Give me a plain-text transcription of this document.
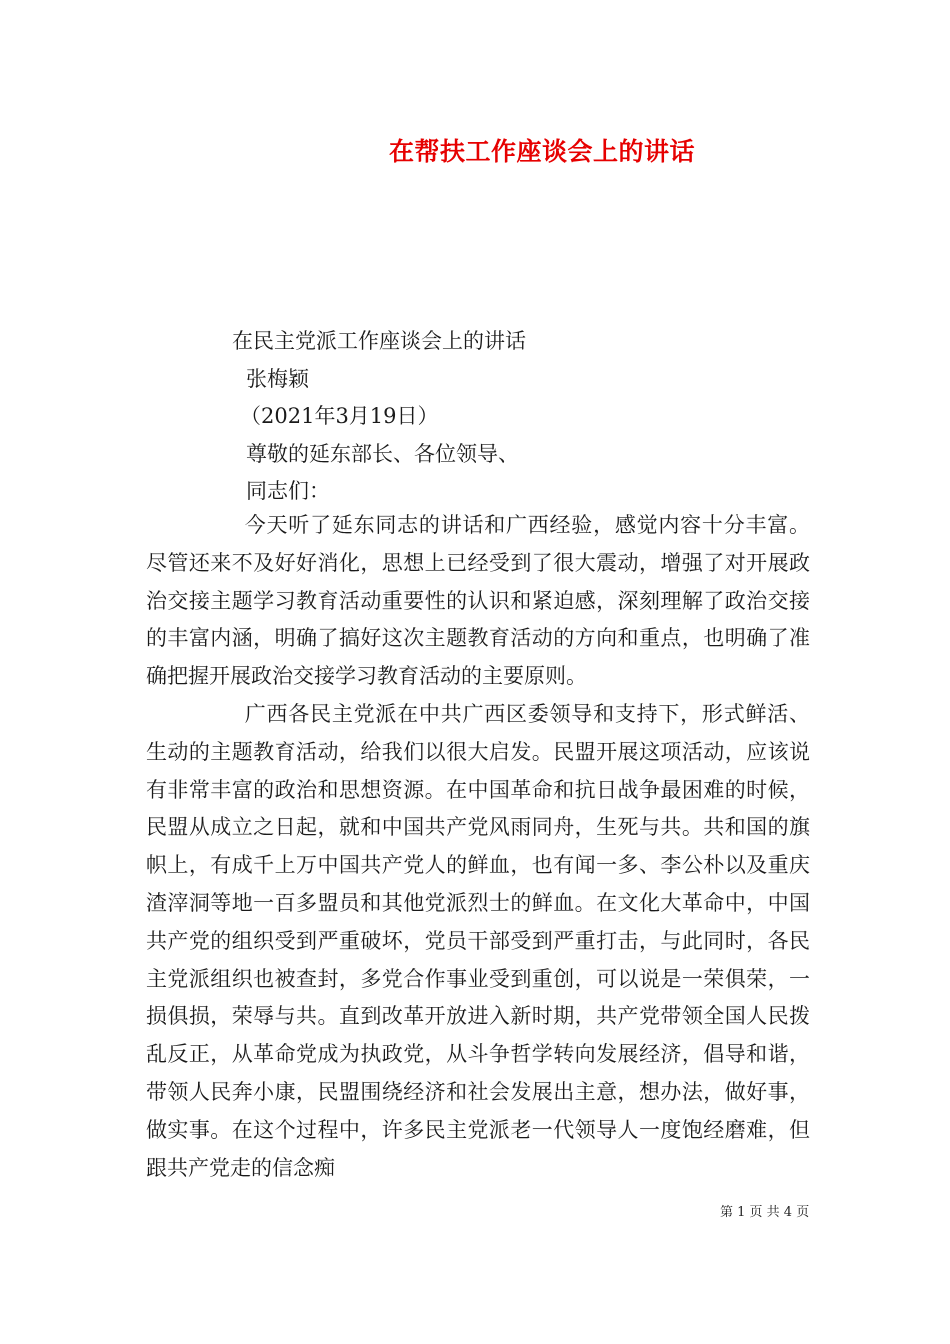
在帮扶工作座谈会上的讲话

在民主党派工作座谈会上的讲话

张梅颖

（2021年3月19日）

尊敬的延东部长、各位领导、

同志们：

今天听了延东同志的讲话和广西经验，感觉内容十分丰富。尽管还来不及好好消化，思想上已经受到了很大震动，增强了对开展政治交接主题学习教育活动重要性的认识和紧迫感，深刻理解了政治交接的丰富内涵，明确了搞好这次主题教育活动的方向和重点，也明确了准确把握开展政治交接学习教育活动的主要原则。

广西各民主党派在中共广西区委领导和支持下，形式鲜活、生动的主题教育活动，给我们以很大启发。民盟开展这项活动，应该说有非常丰富的政治和思想资源。在中国革命和抗日战争最困难的时候，民盟从成立之日起，就和中国共产党风雨同舟，生死与共。共和国的旗帜上，有成千上万中国共产党人的鲜血，也有闻一多、李公朴以及重庆渣滓洞等地一百多盟员和其他党派烈士的鲜血。在文化大革命中，中国共产党的组织受到严重破坏，党员干部受到严重打击，与此同时，各民主党派组织也被查封，多党合作事业受到重创，可以说是一荣俱荣，一损俱损，荣辱与共。直到改革开放进入新时期，共产党带领全国人民拨乱反正，从革命党成为执政党，从斗争哲学转向发展经济，倡导和谐，带领人民奔小康，民盟围绕经济和社会发展出主意，想办法，做好事，做实事。在这个过程中，许多民主党派老一代领导人一度饱经磨难，但跟共产党走的信念痴

第 1 页 共 4 页
